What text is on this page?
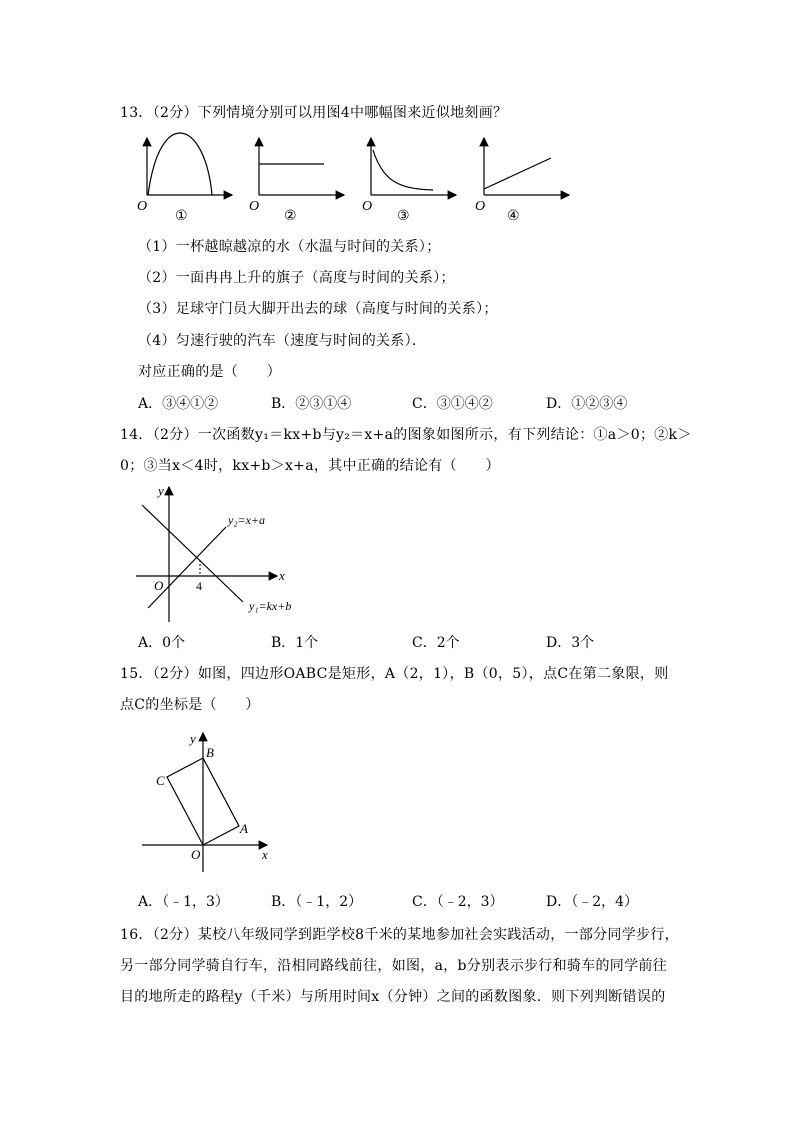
13．（2分）下列情境分别可以用图4中哪幅图来近似地刻画？
O
①
O
②
O
③
O
④
（1）一杯越晾越凉的水（水温与时间的关系）；
（2）一面冉冉上升的旗子（高度与时间的关系）；
（3）足球守门员大脚开出去的球（高度与时间的关系）；
（4）匀速行驶的汽车（速度与时间的关系）．
对应正确的是（　　）
A．③④①②	B．②③①④	C．③①④②	D．①②③④
14．（2分）一次函数y₁＝kx+b与y₂＝x+a的图象如图所示，有下列结论：①a＞0；②k＞
0；③当x＜4时，kx+b＞x+a，其中正确的结论有（　　）
y
x
O	4
y₂=x+a
y₁=kx+b
A．0个	B．1个	C．2个	D．3个
15．（2分）如图，四边形OABC是矩形，A（2，1），B（0，5），点C在第二象限，则
点C的坐标是（　　）
y
x
O
A
B
C
A．（﹣1，3）	B．（﹣1，2）	C．（﹣2，3）	D．（﹣2，4）
16．（2分）某校八年级同学到距学校8千米的某地参加社会实践活动，一部分同学步行，
另一部分同学骑自行车，沿相同路线前往，如图，a，b分别表示步行和骑车的同学前往
目的地所走的路程y（千米）与所用时间x（分钟）之间的函数图象．则下列判断错误的
